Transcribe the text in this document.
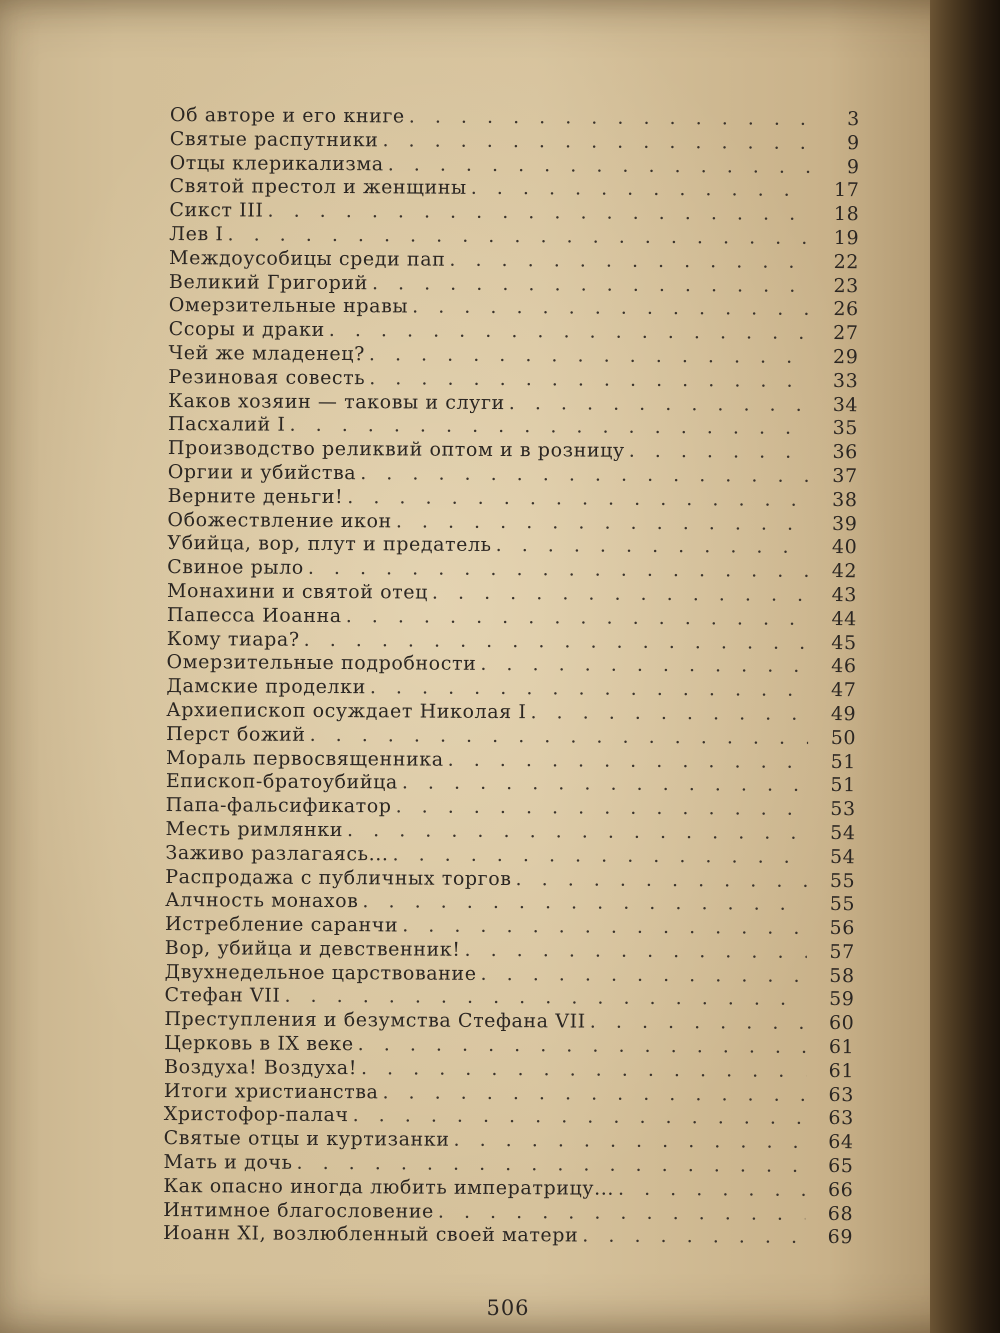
Об авторе и его книге . . .	3
Святые распутники . . .	9
Отцы клерикализма . . .	9
Святой престол и женщины . . .	17
Сикст III . . .	18
Лев I . . .	19
Междоусобицы среди пап . . .	22
Великий Григорий . . .	23
Омерзительные нравы . . .	26
Ссоры и драки . . .	27
Чей же младенец? . . .	29
Резиновая совесть . . .	33
Каков хозяин — таковы и слуги . . .	34
Пасхалий I . . .	35
Производство реликвий оптом и в розницу . . .	36
Оргии и убийства . . .	37
Верните деньги! . . .	38
Обожествление икон . . .	39
Убийца, вор, плут и предатель . . .	40
Свиное рыло . . .	42
Монахини и святой отец . . .	43
Папесса Иоанна . . .	44
Кому тиара? . . .	45
Омерзительные подробности . . .	46
Дамские проделки . . .	47
Архиепископ осуждает Николая I . . .	49
Перст божий . . .	50
Мораль первосвященника . . .	51
Епископ-братоубийца . . .	51
Папа-фальсификатор . . .	53
Месть римлянки . . .	54
Заживо разлагаясь... . . .	54
Распродажа с публичных торгов . . .	55
Алчность монахов . . .	55
Истребление саранчи . . .	56
Вор, убийца и девственник! . . .	57
Двухнедельное царствование . . .	58
Стефан VII . . .	59
Преступления и безумства Стефана VII . . .	60
Церковь в IX веке . . .	61
Воздуха! Воздуха! . . .	61
Итоги христианства . . .	63
Христофор-палач . . .	63
Святые отцы и куртизанки . . .	64
Мать и дочь . . .	65
Как опасно иногда любить императрицу... . . .	66
Интимное благословение . . .	68
Иоанн XI, возлюбленный своей матери . . .	69
506
